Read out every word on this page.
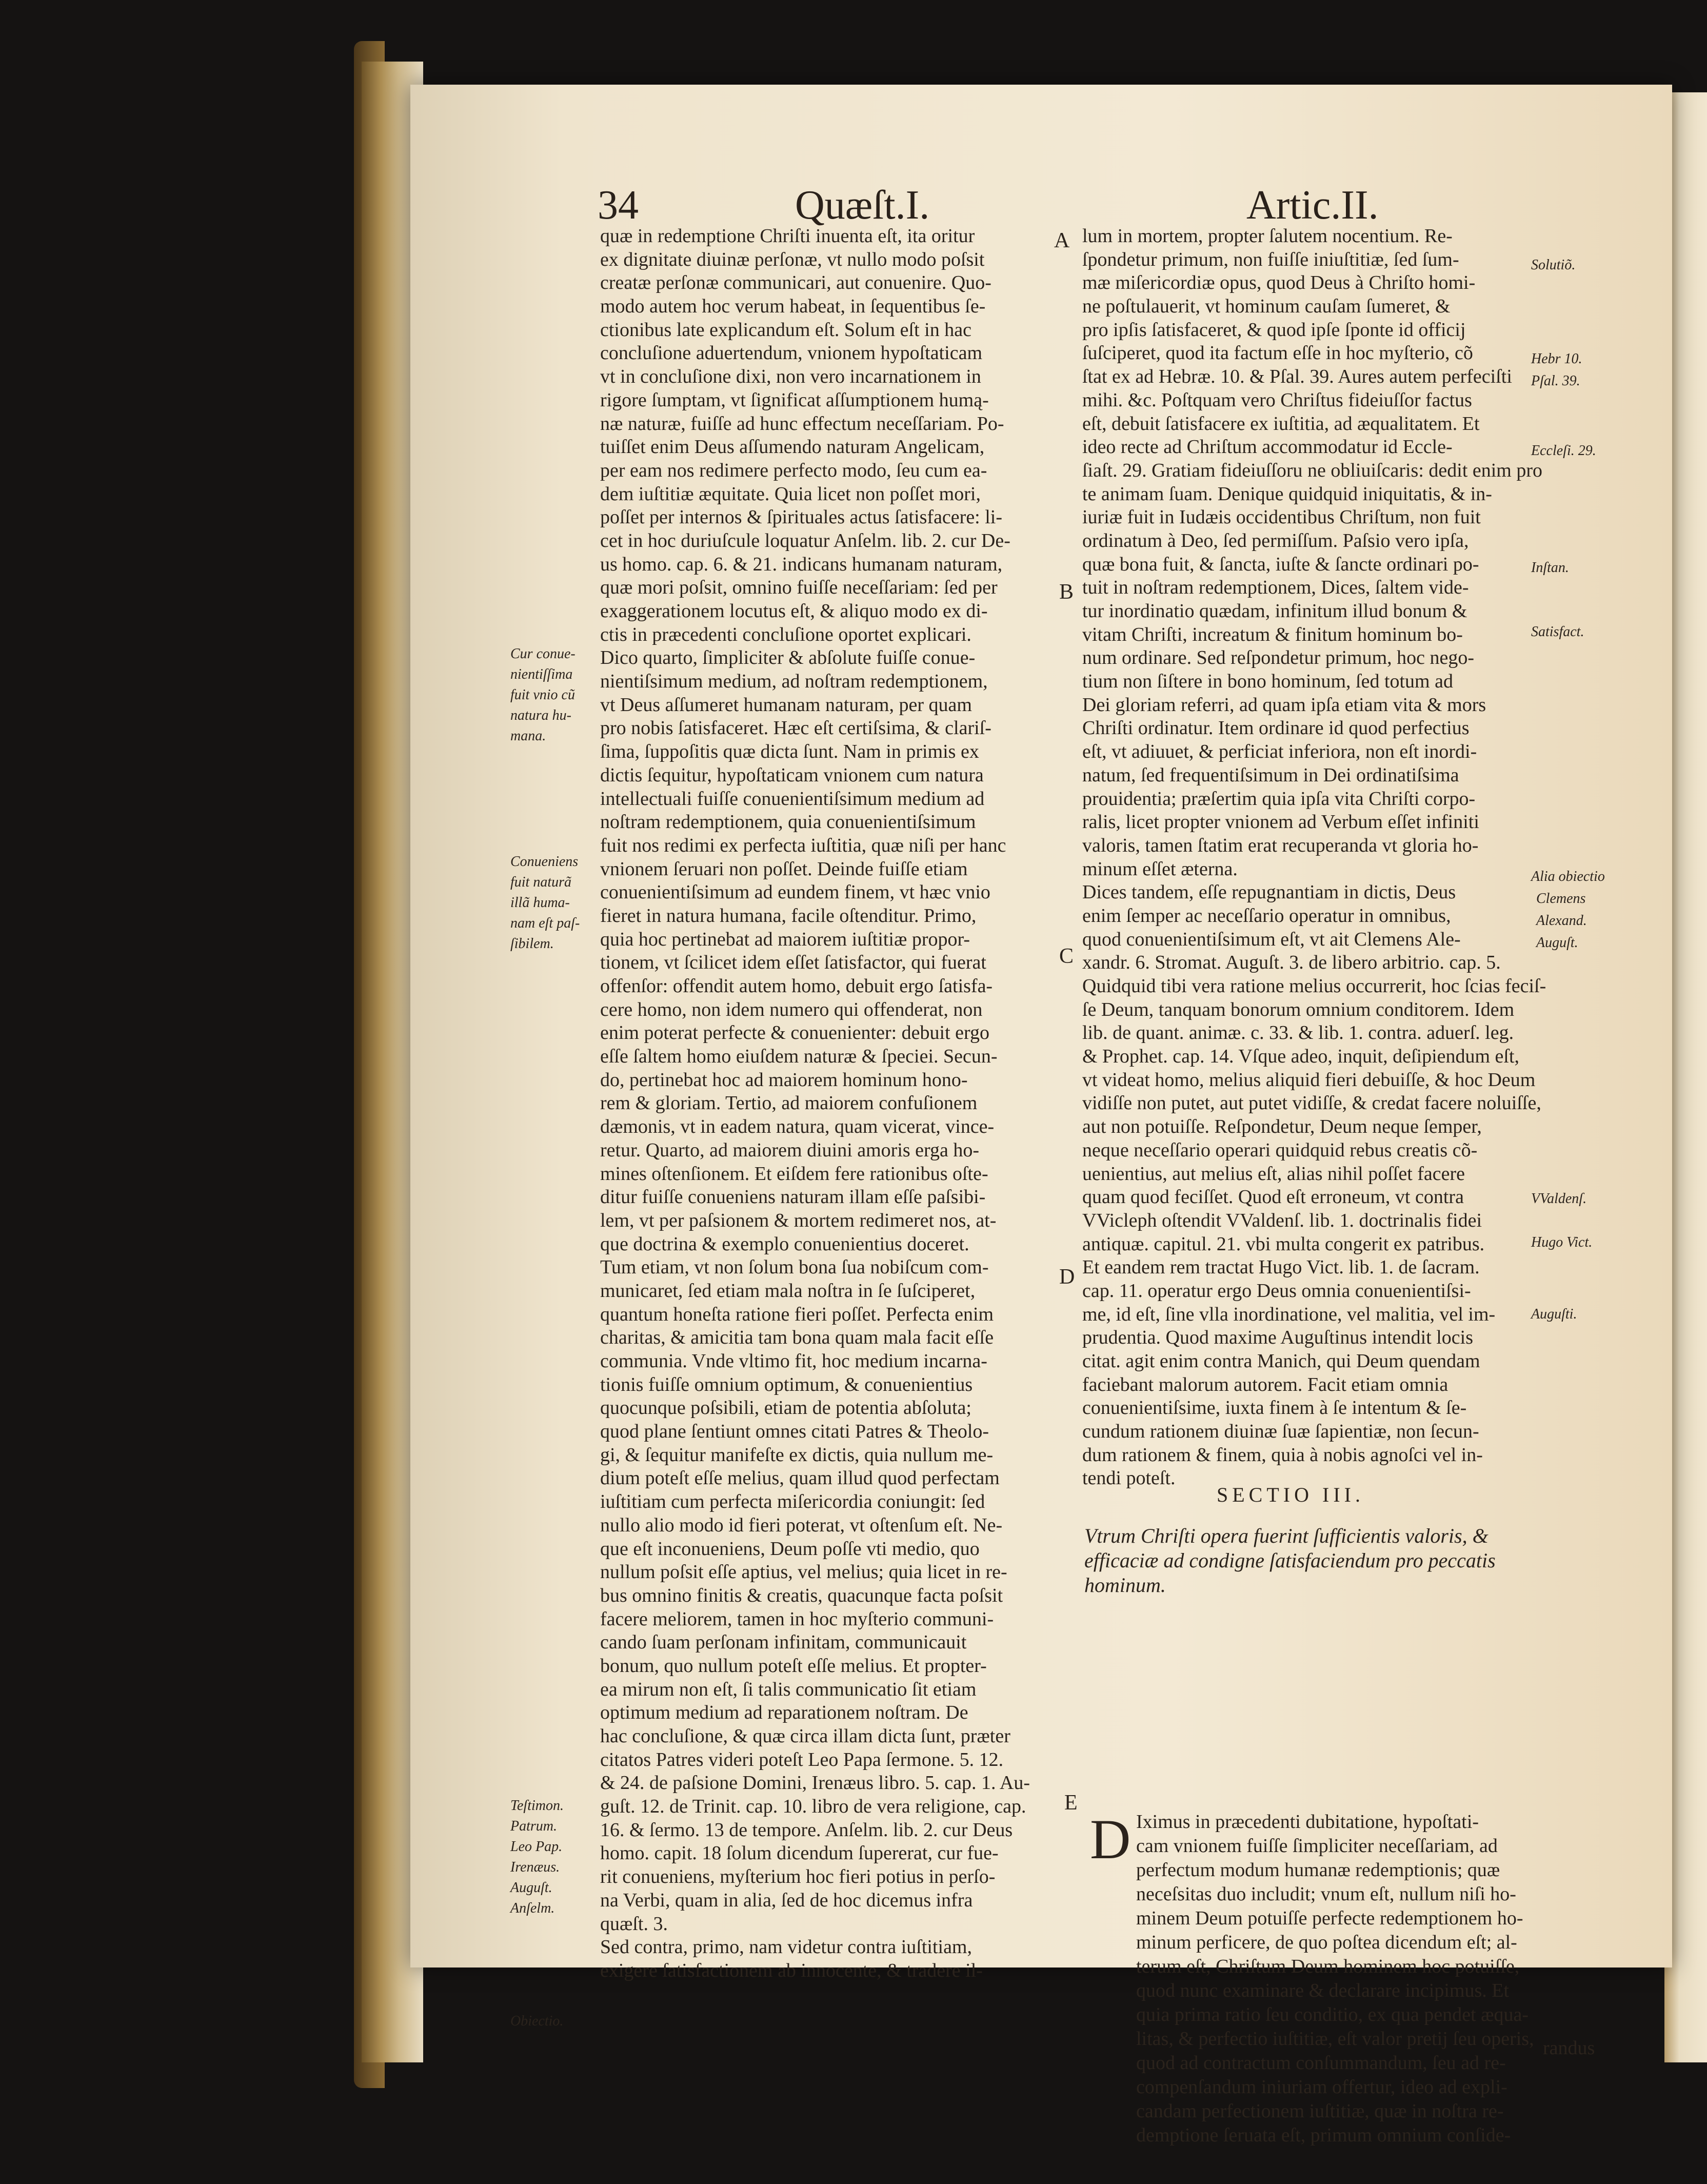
34	Quæſt.I.	Artic.II.
quæ in redemptione Chriſti inuenta eſt, ita oritur
ex dignitate diuinæ perſonæ, vt nullo modo poſsit
creatæ perſonæ communicari, aut conuenire. Quo-
modo autem hoc verum habeat, in ſequentibus ſe-
ctionibus late explicandum eſt. Solum eſt in hac
concluſione aduertendum, vnionem hypoſtaticam
vt in concluſione dixi, non vero incarnationem in
rigore ſumptam, vt ſignificat aſſumptionem humą-
næ naturæ, fuiſſe ad hunc effectum neceſſariam. Po-
tuiſſet enim Deus aſſumendo naturam Angelicam,
per eam nos redimere perfecto modo, ſeu cum ea-
dem iuſtitiæ æquitate. Quia licet non poſſet mori,
poſſet per internos & ſpirituales actus ſatisfacere: li-
cet in hoc duriuſcule loquatur Anſelm. lib. 2. cur De-
us homo. cap. 6. & 21. indicans humanam naturam,
quæ mori poſsit, omnino fuiſſe neceſſariam: ſed per
exaggerationem locutus eſt, & aliquo modo ex di-
ctis in præcedenti concluſione oportet explicari.
Dico quarto, ſimpliciter & abſolute fuiſſe conue-
nientiſsimum medium, ad noſtram redemptionem,
vt Deus aſſumeret humanam naturam, per quam
pro nobis ſatisfaceret. Hæc eſt certiſsima, & clariſ-
ſima, ſuppoſitis quæ dicta ſunt. Nam in primis ex
dictis ſequitur, hypoſtaticam vnionem cum natura
intellectuali fuiſſe conuenientiſsimum medium ad
noſtram redemptionem, quia conuenientiſsimum
fuit nos redimi ex perfecta iuſtitia, quæ niſi per hanc
vnionem ſeruari non poſſet. Deinde fuiſſe etiam
conuenientiſsimum ad eundem finem, vt hæc vnio
fieret in natura humana, facile oſtenditur. Primo,
quia hoc pertinebat ad maiorem iuſtitiæ propor-
tionem, vt ſcilicet idem eſſet ſatisfactor, qui fuerat
offenſor: offendit autem homo, debuit ergo ſatisfa-
cere homo, non idem numero qui offenderat, non
enim poterat perfecte & conuenienter: debuit ergo
eſſe ſaltem homo eiuſdem naturæ & ſpeciei. Secun-
do, pertinebat hoc ad maiorem hominum hono-
rem & gloriam. Tertio, ad maiorem confuſionem
dæmonis, vt in eadem natura, quam vicerat, vince-
retur. Quarto, ad maiorem diuini amoris erga ho-
mines oſtenſionem. Et eiſdem fere rationibus oſte-
ditur fuiſſe conueniens naturam illam eſſe paſsibi-
lem, vt per paſsionem & mortem redimeret nos, at-
que doctrina & exemplo conuenientius doceret.
Tum etiam, vt non ſolum bona ſua nobiſcum com-
municaret, ſed etiam mala noſtra in ſe ſuſciperet,
quantum honeſta ratione fieri poſſet. Perfecta enim
charitas, & amicitia tam bona quam mala facit eſſe
communia. Vnde vltimo fit, hoc medium incarna-
tionis fuiſſe omnium optimum, & conuenientius
quocunque poſsibili, etiam de potentia abſoluta;
quod plane ſentiunt omnes citati Patres & Theolo-
gi, & ſequitur manifeſte ex dictis, quia nullum me-
dium poteſt eſſe melius, quam illud quod perfectam
iuſtitiam cum perfecta miſericordia coniungit: ſed
nullo alio modo id fieri poterat, vt oſtenſum eſt. Ne-
que eſt inconueniens, Deum poſſe vti medio, quo
nullum poſsit eſſe aptius, vel melius; quia licet in re-
bus omnino finitis & creatis, quacunque facta poſsit
facere meliorem, tamen in hoc myſterio communi-
cando ſuam perſonam infinitam, communicauit
bonum, quo nullum poteſt eſſe melius. Et propter-
ea mirum non eſt, ſi talis communicatio ſit etiam
optimum medium ad reparationem noſtram. De
hac concluſione, & quæ circa illam dicta ſunt, præter
citatos Patres videri poteſt Leo Papa ſermone. 5. 12.
& 24. de paſsione Domini, Irenæus libro. 5. cap. 1. Au-
guſt. 12. de Trinit. cap. 10. libro de vera religione, cap.
16. & ſermo. 13 de tempore. Anſelm. lib. 2. cur Deus
homo. capit. 18 ſolum dicendum ſupererat, cur fue-
rit conueniens, myſterium hoc fieri potius in perſo-
na Verbi, quam in alia, ſed de hoc dicemus infra
quæſt. 3.
Sed contra, primo, nam videtur contra iuſtitiam,
exigere ſatisfactionem ab innocente, & tradere il-
lum in mortem, propter ſalutem nocentium. Re-
ſpondetur primum, non fuiſſe iniuſtitiæ, ſed ſum-
mæ miſericordiæ opus, quod Deus à Chriſto homi-
ne poſtulauerit, vt hominum cauſam ſumeret, &
pro ipſis ſatisfaceret, & quod ipſe ſponte id officij
ſuſciperet, quod ita factum eſſe in hoc myſterio, cõ
ſtat ex ad Hebræ. 10. & Pſal. 39. Aures autem perfeciſti
mihi. &c. Poſtquam vero Chriſtus fideiuſſor factus
eſt, debuit ſatisfacere ex iuſtitia, ad æqualitatem. Et
ideo recte ad Chriſtum accommodatur id Eccle-
ſiaſt. 29. Gratiam fideiuſſoru ne obliuiſcaris: dedit enim pro
te animam ſuam. Denique quidquid iniquitatis, & in-
iuriæ fuit in Iudæis occidentibus Chriſtum, non fuit
ordinatum à Deo, ſed permiſſum. Paſsio vero ipſa,
quæ bona fuit, & ſancta, iuſte & ſancte ordinari po-
tuit in noſtram redemptionem, Dices, ſaltem vide-
tur inordinatio quædam, infinitum illud bonum &
vitam Chriſti, increatum & finitum hominum bo-
num ordinare. Sed reſpondetur primum, hoc nego-
tium non ſiſtere in bono hominum, ſed totum ad
Dei gloriam referri, ad quam ipſa etiam vita & mors
Chriſti ordinatur. Item ordinare id quod perfectius
eſt, vt adiuuet, & perficiat inferiora, non eſt inordi-
natum, ſed frequentiſsimum in Dei ordinatiſsima
prouidentia; præſertim quia ipſa vita Chriſti corpo-
ralis, licet propter vnionem ad Verbum eſſet infiniti
valoris, tamen ſtatim erat recuperanda vt gloria ho-
minum eſſet æterna.
Dices tandem, eſſe repugnantiam in dictis, Deus
enim ſemper ac neceſſario operatur in omnibus,
quod conuenientiſsimum eſt, vt ait Clemens Ale-
xandr. 6. Stromat. Auguſt. 3. de libero arbitrio. cap. 5.
Quidquid tibi vera ratione melius occurrerit, hoc ſcias feciſ-
ſe Deum, tanquam bonorum omnium conditorem. Idem
lib. de quant. animæ. c. 33. & lib. 1. contra. aduerſ. leg.
& Prophet. cap. 14. Vſque adeo, inquit, deſipiendum eſt,
vt videat homo, melius aliquid fieri debuiſſe, & hoc Deum
vidiſſe non putet, aut putet vidiſſe, & credat facere noluiſſe,
aut non potuiſſe. Reſpondetur, Deum neque ſemper,
neque neceſſario operari quidquid rebus creatis cõ-
uenientius, aut melius eſt, alias nihil poſſet facere
quam quod feciſſet. Quod eſt erroneum, vt contra
VVicleph oſtendit VValdenſ. lib. 1. doctrinalis fidei
antiquæ. capitul. 21. vbi multa congerit ex patribus.
Et eandem rem tractat Hugo Vict. lib. 1. de ſacram.
cap. 11. operatur ergo Deus omnia conuenientiſsi-
me, id eſt, ſine vlla inordinatione, vel malitia, vel im-
prudentia. Quod maxime Auguſtinus intendit locis
citat. agit enim contra Manich, qui Deum quendam
faciebant malorum autorem. Facit etiam omnia
conuenientiſsime, iuxta finem à ſe intentum & ſe-
cundum rationem diuinæ ſuæ ſapientiæ, non ſecun-
dum rationem & finem, quia à nobis agnoſci vel in-
tendi poteſt.
SECTIO III.
Vtrum Chriſti opera fuerint ſufficientis valoris, &
efficaciæ ad condigne ſatisfaciendum pro peccatis
hominum.
D Iximus in præcedenti dubitatione, hypoſtati-
cam vnionem fuiſſe ſimpliciter neceſſariam, ad
perfectum modum humanæ redemptionis; quæ
neceſsitas duo includit; vnum eſt, nullum niſi ho-
minem Deum potuiſſe perfecte redemptionem ho-
minum perficere, de quo poſtea dicendum eſt; al-
terum eſt, Chriſtum Deum hominem hoc potuiſſe,
quod nunc examinare & declarare incipimus. Et
quia prima ratio ſeu conditio, ex qua pendet æqua-
litas, & perfectio iuſtitiæ, eſt valor pretij ſeu operis,
quod ad contractum conſummandum, ſeu ad re-
compenſandum iniuriam offertur, ideo ad expli-
candam perfectionem iuſtitiæ, quæ in noſtra re-
demptione ſeruata eſt, primum omnium conſide-
randus
Cur conue-
nientiſſima
fuit vnio cũ
natura hu-
mana.
Conueniens
fuit naturã
illã huma-
nam eſt paſ-
ſibilem.
Teſtimon.
Patrum.
Leo Pap.
Irenæus.
Auguſt.
Anſelm.
Obiectio.
Solutiõ.
Hebr 10.
Pſal. 39.
Eccleſi. 29.
Inſtan.
Satisfact.
Alia obiectio
Clemens
Alexand.
Auguſt.
VValdenſ.
Hugo Vict.
Auguſti.
A
B
C
D
E
